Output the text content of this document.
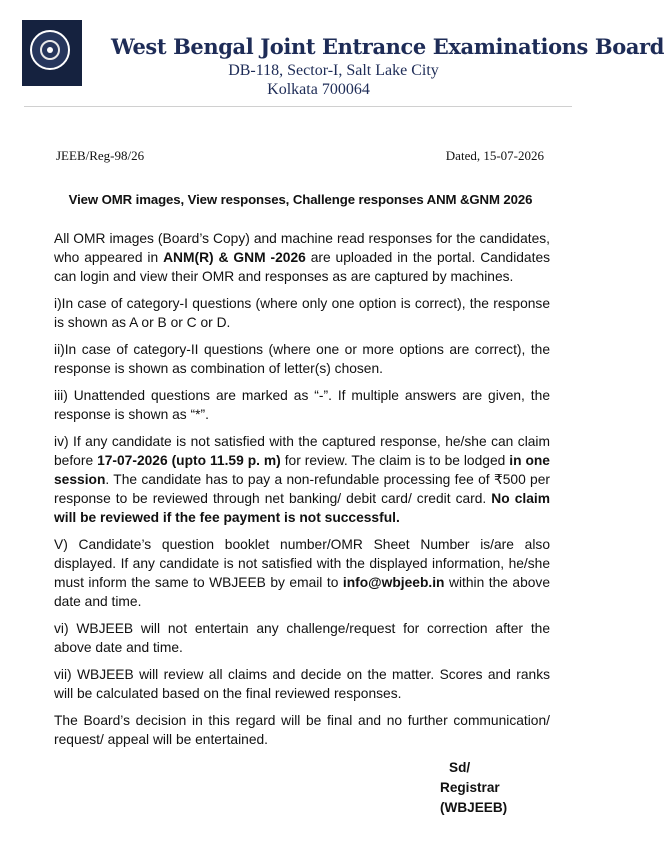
West Bengal Joint Entrance Examinations Board

DB-118, Sector-I, Salt Lake City

Kolkata 700064

JEEB/Reg-98/26	Dated, 15-07-2026
View OMR images, View responses, Challenge responses ANM &GNM 2026

All OMR images (Board’s Copy) and machine read responses for the candidates, who appeared in ANM(R) & GNM -2026 are uploaded in the portal. Candidates can login and view their OMR and responses as are captured by machines.

i)In case of category-I questions (where only one option is correct), the response is shown as A or B or C or D.

ii)In case of category-II questions (where one or more options are correct), the response is shown as combination of letter(s) chosen.

iii) Unattended questions are marked as “-”. If multiple answers are given, the response is shown as “*”.

iv) If any candidate is not satisfied with the captured response, he/she can claim before 17-07-2026 (upto 11.59 p. m) for review. The claim is to be lodged in one session. The candidate has to pay a non-refundable processing fee of ₹500 per response to be reviewed through net banking/ debit card/ credit card. No claim will be reviewed if the fee payment is not successful.

V) Candidate’s question booklet number/OMR Sheet Number is/are also displayed. If any candidate is not satisfied with the displayed information, he/she must inform the same to WBJEEB by email to info@wbjeeb.in within the above date and time.

vi) WBJEEB will not entertain any challenge/request for correction after the above date and time.

vii) WBJEEB will review all claims and decide on the matter. Scores and ranks will be calculated based on the final reviewed responses.

The Board’s decision in this regard will be final and no further communication/ request/ appeal will be entertained.

Sd/
Registrar
(WBJEEB)
